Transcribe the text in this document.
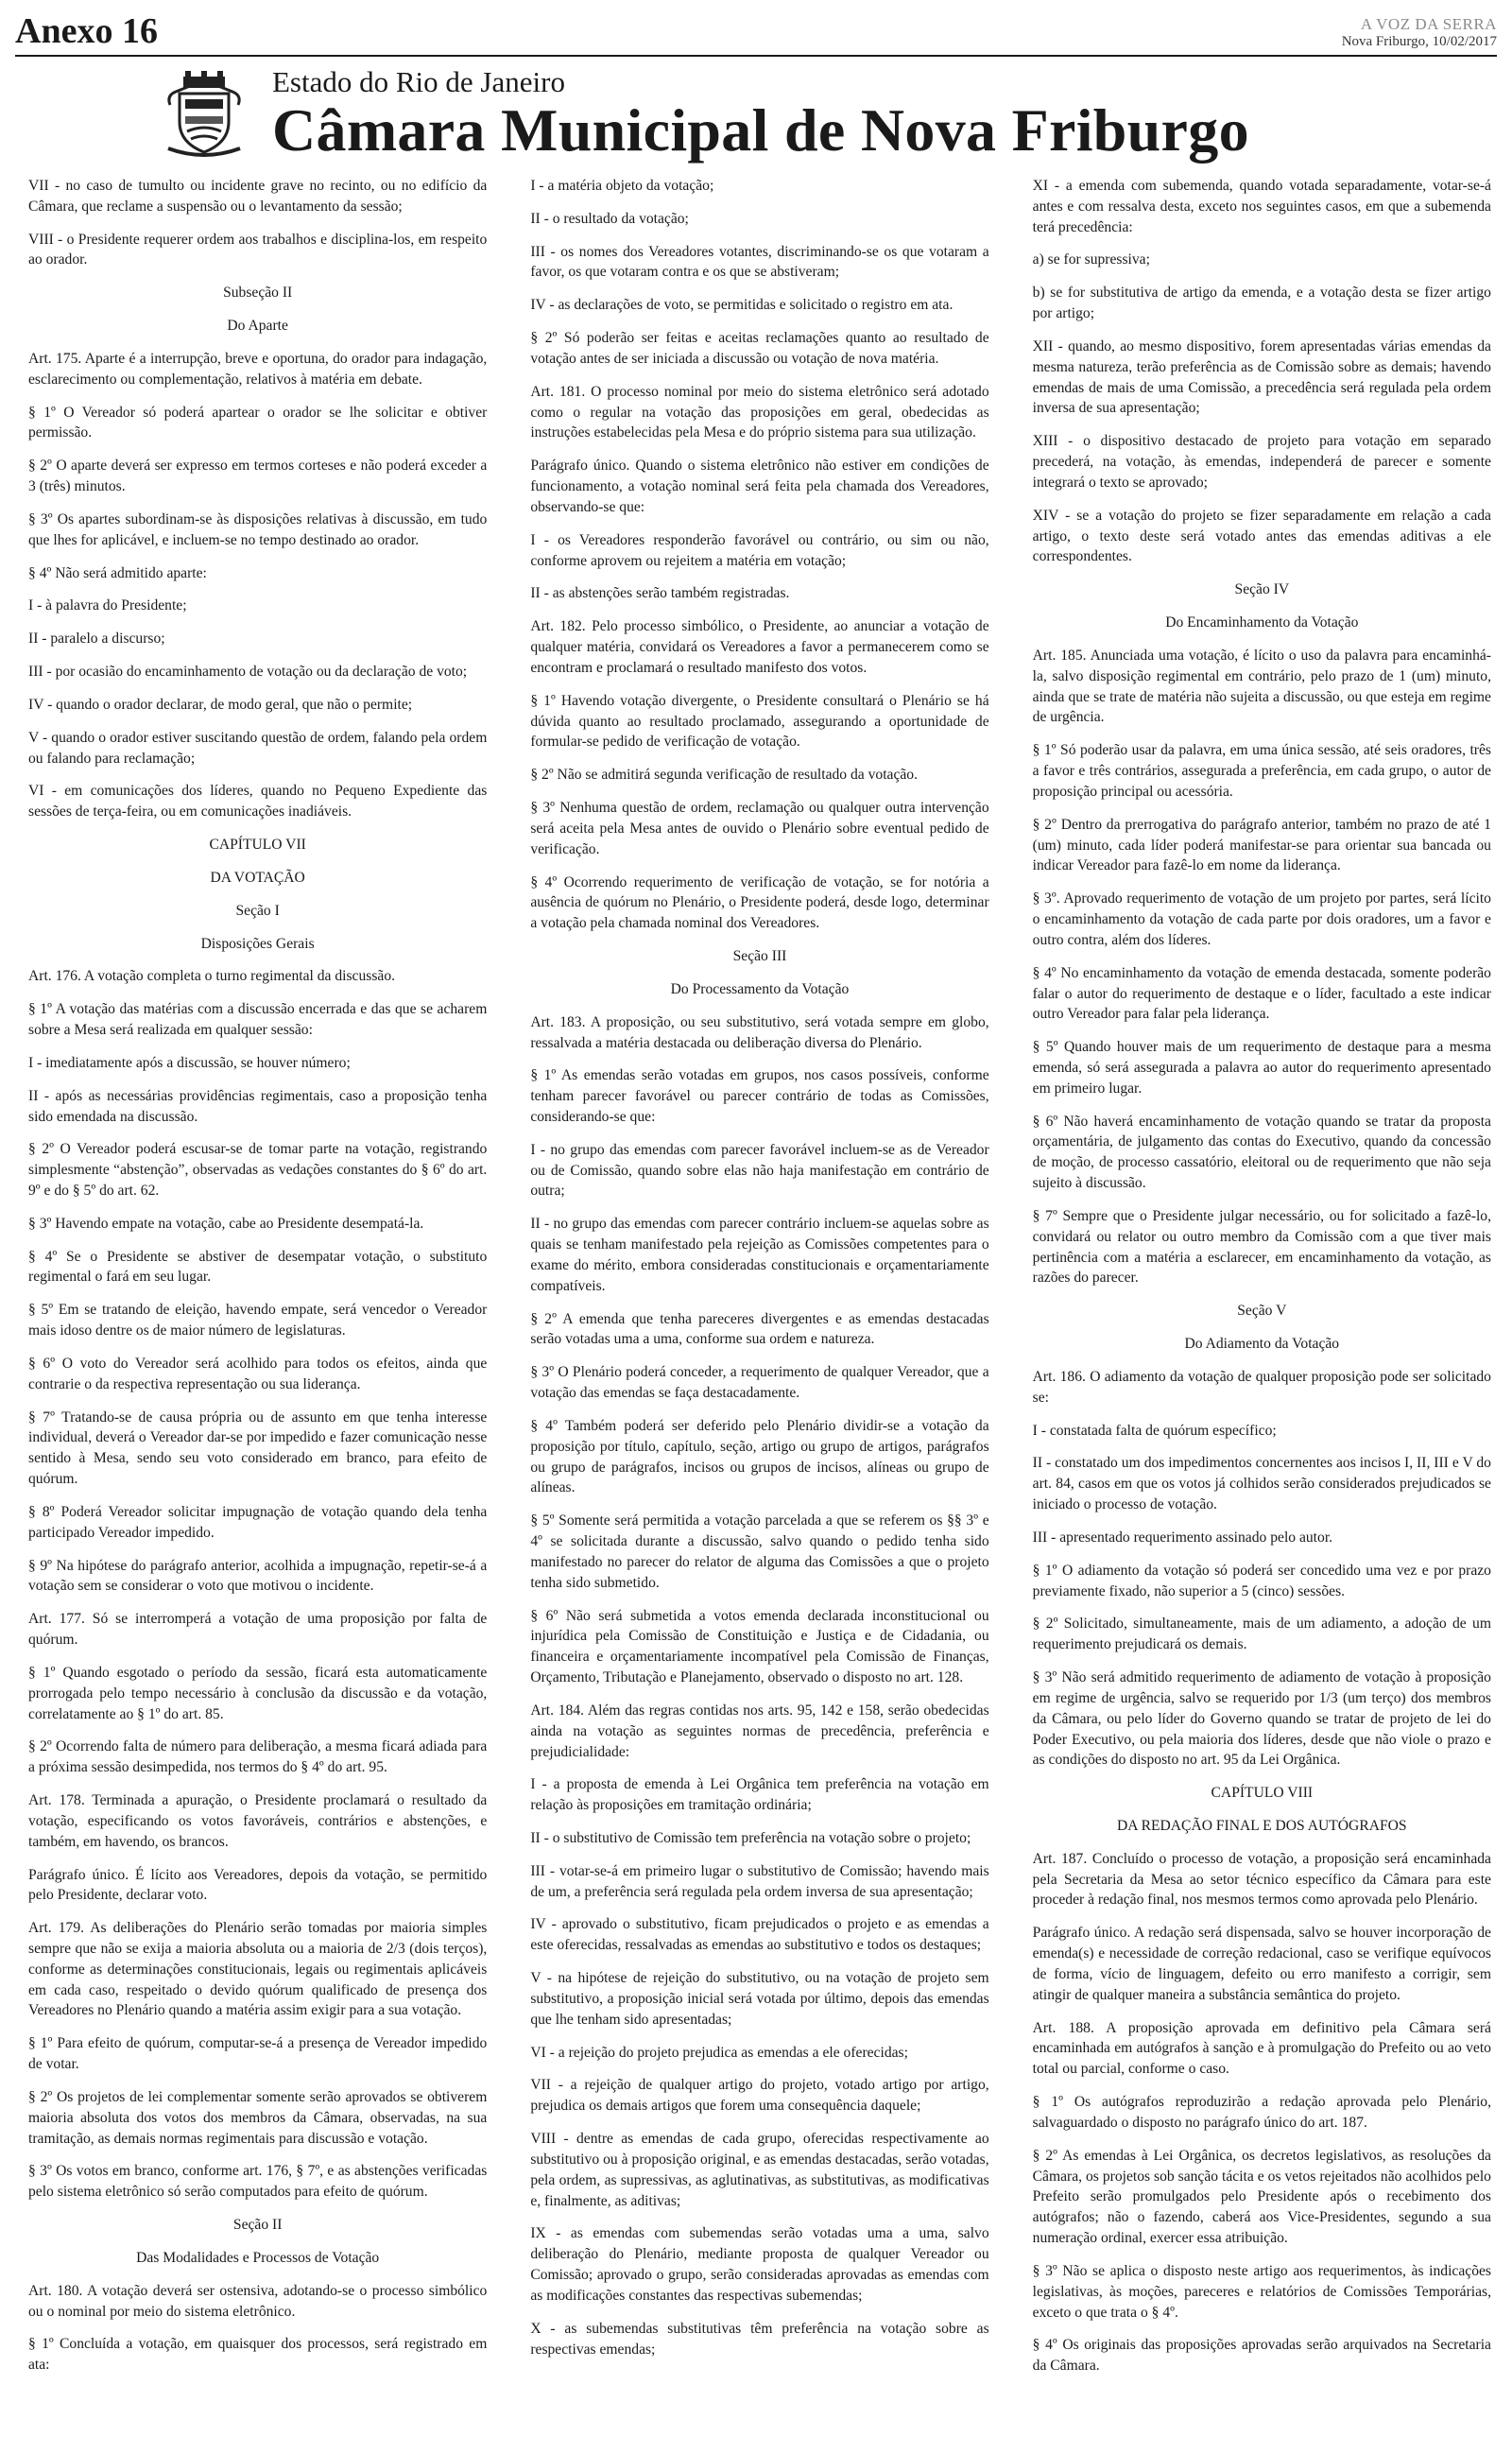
Anexo 16	A VOZ DA SERRA
Nova Friburgo, 10/02/2017
Estado do Rio de Janeiro
Câmara Municipal de Nova Friburgo

VII - no caso de tumulto ou incidente grave no recinto, ou no edifício da Câmara, que reclame a suspensão ou o levantamento da sessão;

VIII - o Presidente requerer ordem aos trabalhos e disciplina-los, em respeito ao orador.

Subseção II
Do Aparte

Art. 175. Aparte é a interrupção, breve e oportuna, do orador para indagação, esclarecimento ou complementação, relativos à matéria em debate.

§ 1º O Vereador só poderá apartear o orador se lhe solicitar e obtiver permissão.

§ 2º O aparte deverá ser expresso em termos corteses e não poderá exceder a 3 (três) minutos.

§ 3º Os apartes subordinam-se às disposições relativas à discussão, em tudo que lhes for aplicável, e incluem-se no tempo destinado ao orador.

§ 4º Não será admitido aparte:

I - à palavra do Presidente;

II - paralelo a discurso;

III - por ocasião do encaminhamento de votação ou da declaração de voto;

IV - quando o orador declarar, de modo geral, que não o permite;

V - quando o orador estiver suscitando questão de ordem, falando pela ordem ou falando para reclamação;

VI - em comunicações dos líderes, quando no Pequeno Expediente das sessões de terça-feira, ou em comunicações inadiáveis.

CAPÍTULO VII
DA VOTAÇÃO
Seção I
Disposições Gerais

Art. 176. A votação completa o turno regimental da discussão.

§ 1º A votação das matérias com a discussão encerrada e das que se acharem sobre a Mesa será realizada em qualquer sessão:

I - imediatamente após a discussão, se houver número;

II - após as necessárias providências regimentais, caso a proposição tenha sido emendada na discussão.

§ 2º O Vereador poderá escusar-se de tomar parte na votação, registrando simplesmente “abstenção”, observadas as vedações constantes do § 6º do art. 9º e do § 5º do art. 62.

§ 3º Havendo empate na votação, cabe ao Presidente desempatá-la.

§ 4º Se o Presidente se abstiver de desempatar votação, o substituto regimental o fará em seu lugar.

§ 5º Em se tratando de eleição, havendo empate, será vencedor o Vereador mais idoso dentre os de maior número de legislaturas.

§ 6º O voto do Vereador será acolhido para todos os efeitos, ainda que contrarie o da respectiva representação ou sua liderança.

§ 7º Tratando-se de causa própria ou de assunto em que tenha interesse individual, deverá o Vereador dar-se por impedido e fazer comunicação nesse sentido à Mesa, sendo seu voto considerado em branco, para efeito de quórum.

§ 8º Poderá Vereador solicitar impugnação de votação quando dela tenha participado Vereador impedido.

§ 9º Na hipótese do parágrafo anterior, acolhida a impugnação, repetir-se-á a votação sem se considerar o voto que motivou o incidente.

Art. 177. Só se interromperá a votação de uma proposição por falta de quórum.

§ 1º Quando esgotado o período da sessão, ficará esta automaticamente prorrogada pelo tempo necessário à conclusão da discussão e da votação, correlatamente ao § 1º do art. 85.

§ 2º Ocorrendo falta de número para deliberação, a mesma ficará adiada para a próxima sessão desimpedida, nos termos do § 4º do art. 95.

Art. 178. Terminada a apuração, o Presidente proclamará o resultado da votação, especificando os votos favoráveis, contrários e abstenções, e também, em havendo, os brancos.

Parágrafo único. É lícito aos Vereadores, depois da votação, se permitido pelo Presidente, declarar voto.

Art. 179. As deliberações do Plenário serão tomadas por maioria simples sempre que não se exija a maioria absoluta ou a maioria de 2/3 (dois terços), conforme as determinações constitucionais, legais ou regimentais aplicáveis em cada caso, respeitado o devido quórum qualificado de presença dos Vereadores no Plenário quando a matéria assim exigir para a sua votação.

§ 1º Para efeito de quórum, computar-se-á a presença de Vereador impedido de votar.

§ 2º Os projetos de lei complementar somente serão aprovados se obtiverem maioria absoluta dos votos dos membros da Câmara, observadas, na sua tramitação, as demais normas regimentais para discussão e votação.

§ 3º Os votos em branco, conforme art. 176, § 7º, e as abstenções verificadas pelo sistema eletrônico só serão computados para efeito de quórum.

Seção II
Das Modalidades e Processos de Votação

Art. 180. A votação deverá ser ostensiva, adotando-se o processo simbólico ou o nominal por meio do sistema eletrônico.

§ 1º Concluída a votação, em quaisquer dos processos, será registrado em ata:

I - a matéria objeto da votação;

II - o resultado da votação;

III - os nomes dos Vereadores votantes, discriminando-se os que votaram a favor, os que votaram contra e os que se abstiveram;

IV - as declarações de voto, se permitidas e solicitado o registro em ata.

§ 2º Só poderão ser feitas e aceitas reclamações quanto ao resultado de votação antes de ser iniciada a discussão ou votação de nova matéria.

Art. 181. O processo nominal por meio do sistema eletrônico será adotado como o regular na votação das proposições em geral, obedecidas as instruções estabelecidas pela Mesa e do próprio sistema para sua utilização.

Parágrafo único. Quando o sistema eletrônico não estiver em condições de funcionamento, a votação nominal será feita pela chamada dos Vereadores, observando-se que:

I - os Vereadores responderão favorável ou contrário, ou sim ou não, conforme aprovem ou rejeitem a matéria em votação;

II - as abstenções serão também registradas.

Art. 182. Pelo processo simbólico, o Presidente, ao anunciar a votação de qualquer matéria, convidará os Vereadores a favor a permanecerem como se encontram e proclamará o resultado manifesto dos votos.

§ 1º Havendo votação divergente, o Presidente consultará o Plenário se há dúvida quanto ao resultado proclamado, assegurando a oportunidade de formular-se pedido de verificação de votação.

§ 2º Não se admitirá segunda verificação de resultado da votação.

§ 3º Nenhuma questão de ordem, reclamação ou qualquer outra intervenção será aceita pela Mesa antes de ouvido o Plenário sobre eventual pedido de verificação.

§ 4º Ocorrendo requerimento de verificação de votação, se for notória a ausência de quórum no Plenário, o Presidente poderá, desde logo, determinar a votação pela chamada nominal dos Vereadores.

Seção III
Do Processamento da Votação

Art. 183. A proposição, ou seu substitutivo, será votada sempre em globo, ressalvada a matéria destacada ou deliberação diversa do Plenário.

§ 1º As emendas serão votadas em grupos, nos casos possíveis, conforme tenham parecer favorável ou parecer contrário de todas as Comissões, considerando-se que:

I - no grupo das emendas com parecer favorável incluem-se as de Vereador ou de Comissão, quando sobre elas não haja manifestação em contrário de outra;

II - no grupo das emendas com parecer contrário incluem-se aquelas sobre as quais se tenham manifestado pela rejeição as Comissões competentes para o exame do mérito, embora consideradas constitucionais e orçamentariamente compatíveis.

§ 2º A emenda que tenha pareceres divergentes e as emendas destacadas serão votadas uma a uma, conforme sua ordem e natureza.

§ 3º O Plenário poderá conceder, a requerimento de qualquer Vereador, que a votação das emendas se faça destacadamente.

§ 4º Também poderá ser deferido pelo Plenário dividir-se a votação da proposição por título, capítulo, seção, artigo ou grupo de artigos, parágrafos ou grupo de parágrafos, incisos ou grupos de incisos, alíneas ou grupo de alíneas.

§ 5º Somente será permitida a votação parcelada a que se referem os §§ 3º e 4º se solicitada durante a discussão, salvo quando o pedido tenha sido manifestado no parecer do relator de alguma das Comissões a que o projeto tenha sido submetido.

§ 6º Não será submetida a votos emenda declarada inconstitucional ou injurídica pela Comissão de Constituição e Justiça e de Cidadania, ou financeira e orçamentariamente incompatível pela Comissão de Finanças, Orçamento, Tributação e Planejamento, observado o disposto no art. 128.

Art. 184. Além das regras contidas nos arts. 95, 142 e 158, serão obedecidas ainda na votação as seguintes normas de precedência, preferência e prejudicialidade:

I - a proposta de emenda à Lei Orgânica tem preferência na votação em relação às proposições em tramitação ordinária;

II - o substitutivo de Comissão tem preferência na votação sobre o projeto;

III - votar-se-á em primeiro lugar o substitutivo de Comissão; havendo mais de um, a preferência será regulada pela ordem inversa de sua apresentação;

IV - aprovado o substitutivo, ficam prejudicados o projeto e as emendas a este oferecidas, ressalvadas as emendas ao substitutivo e todos os destaques;

V - na hipótese de rejeição do substitutivo, ou na votação de projeto sem substitutivo, a proposição inicial será votada por último, depois das emendas que lhe tenham sido apresentadas;

VI - a rejeição do projeto prejudica as emendas a ele oferecidas;

VII - a rejeição de qualquer artigo do projeto, votado artigo por artigo, prejudica os demais artigos que forem uma consequência daquele;

VIII - dentre as emendas de cada grupo, oferecidas respectivamente ao substitutivo ou à proposição original, e as emendas destacadas, serão votadas, pela ordem, as supressivas, as aglutinativas, as substitutivas, as modificativas e, finalmente, as aditivas;

IX - as emendas com subemendas serão votadas uma a uma, salvo deliberação do Plenário, mediante proposta de qualquer Vereador ou Comissão; aprovado o grupo, serão consideradas aprovadas as emendas com as modificações constantes das respectivas subemendas;

X - as subemendas substitutivas têm preferência na votação sobre as respectivas emendas;

XI - a emenda com subemenda, quando votada separadamente, votar-se-á antes e com ressalva desta, exceto nos seguintes casos, em que a subemenda terá precedência:

a) se for supressiva;

b) se for substitutiva de artigo da emenda, e a votação desta se fizer artigo por artigo;

XII - quando, ao mesmo dispositivo, forem apresentadas várias emendas da mesma natureza, terão preferência as de Comissão sobre as demais; havendo emendas de mais de uma Comissão, a precedência será regulada pela ordem inversa de sua apresentação;

XIII - o dispositivo destacado de projeto para votação em separado precederá, na votação, às emendas, independerá de parecer e somente integrará o texto se aprovado;

XIV - se a votação do projeto se fizer separadamente em relação a cada artigo, o texto deste será votado antes das emendas aditivas a ele correspondentes.

Seção IV
Do Encaminhamento da Votação

Art. 185. Anunciada uma votação, é lícito o uso da palavra para encaminhá-la, salvo disposição regimental em contrário, pelo prazo de 1 (um) minuto, ainda que se trate de matéria não sujeita a discussão, ou que esteja em regime de urgência.

§ 1º Só poderão usar da palavra, em uma única sessão, até seis oradores, três a favor e três contrários, assegurada a preferência, em cada grupo, o autor de proposição principal ou acessória.

§ 2º Dentro da prerrogativa do parágrafo anterior, também no prazo de até 1 (um) minuto, cada líder poderá manifestar-se para orientar sua bancada ou indicar Vereador para fazê-lo em nome da liderança.

§ 3º. Aprovado requerimento de votação de um projeto por partes, será lícito o encaminhamento da votação de cada parte por dois oradores, um a favor e outro contra, além dos líderes.

§ 4º No encaminhamento da votação de emenda destacada, somente poderão falar o autor do requerimento de destaque e o líder, facultado a este indicar outro Vereador para falar pela liderança.

§ 5º Quando houver mais de um requerimento de destaque para a mesma emenda, só será assegurada a palavra ao autor do requerimento apresentado em primeiro lugar.

§ 6º Não haverá encaminhamento de votação quando se tratar da proposta orçamentária, de julgamento das contas do Executivo, quando da concessão de moção, de processo cassatório, eleitoral ou de requerimento que não seja sujeito à discussão.

§ 7º Sempre que o Presidente julgar necessário, ou for solicitado a fazê-lo, convidará ou relator ou outro membro da Comissão com a que tiver mais pertinência com a matéria a esclarecer, em encaminhamento da votação, as razões do parecer.

Seção V
Do Adiamento da Votação

Art. 186. O adiamento da votação de qualquer proposição pode ser solicitado se:

I - constatada falta de quórum específico;

II - constatado um dos impedimentos concernentes aos incisos I, II, III e V do art. 84, casos em que os votos já colhidos serão considerados prejudicados se iniciado o processo de votação.

III - apresentado requerimento assinado pelo autor.

§ 1º O adiamento da votação só poderá ser concedido uma vez e por prazo previamente fixado, não superior a 5 (cinco) sessões.

§ 2º Solicitado, simultaneamente, mais de um adiamento, a adoção de um requerimento prejudicará os demais.

§ 3º Não será admitido requerimento de adiamento de votação à proposição em regime de urgência, salvo se requerido por 1/3 (um terço) dos membros da Câmara, ou pelo líder do Governo quando se tratar de projeto de lei do Poder Executivo, ou pela maioria dos líderes, desde que não viole o prazo e as condições do disposto no art. 95 da Lei Orgânica.

CAPÍTULO VIII
DA REDAÇÃO FINAL E DOS AUTÓGRAFOS

Art. 187. Concluído o processo de votação, a proposição será encaminhada pela Secretaria da Mesa ao setor técnico específico da Câmara para este proceder à redação final, nos mesmos termos como aprovada pelo Plenário.

Parágrafo único. A redação será dispensada, salvo se houver incorporação de emenda(s) e necessidade de correção redacional, caso se verifique equívocos de forma, vício de linguagem, defeito ou erro manifesto a corrigir, sem atingir de qualquer maneira a substância semântica do projeto.

Art. 188. A proposição aprovada em definitivo pela Câmara será encaminhada em autógrafos à sanção e à promulgação do Prefeito ou ao veto total ou parcial, conforme o caso.

§ 1º Os autógrafos reproduzirão a redação aprovada pelo Plenário, salvaguardado o disposto no parágrafo único do art. 187.

§ 2º As emendas à Lei Orgânica, os decretos legislativos, as resoluções da Câmara, os projetos sob sanção tácita e os vetos rejeitados não acolhidos pelo Prefeito serão promulgados pelo Presidente após o recebimento dos autógrafos; não o fazendo, caberá aos Vice-Presidentes, segundo a sua numeração ordinal, exercer essa atribuição.

§ 3º Não se aplica o disposto neste artigo aos requerimentos, às indicações legislativas, às moções, pareceres e relatórios de Comissões Temporárias, exceto o que trata o § 4º.

§ 4º Os originais das proposições aprovadas serão arquivados na Secretaria da Câmara.
